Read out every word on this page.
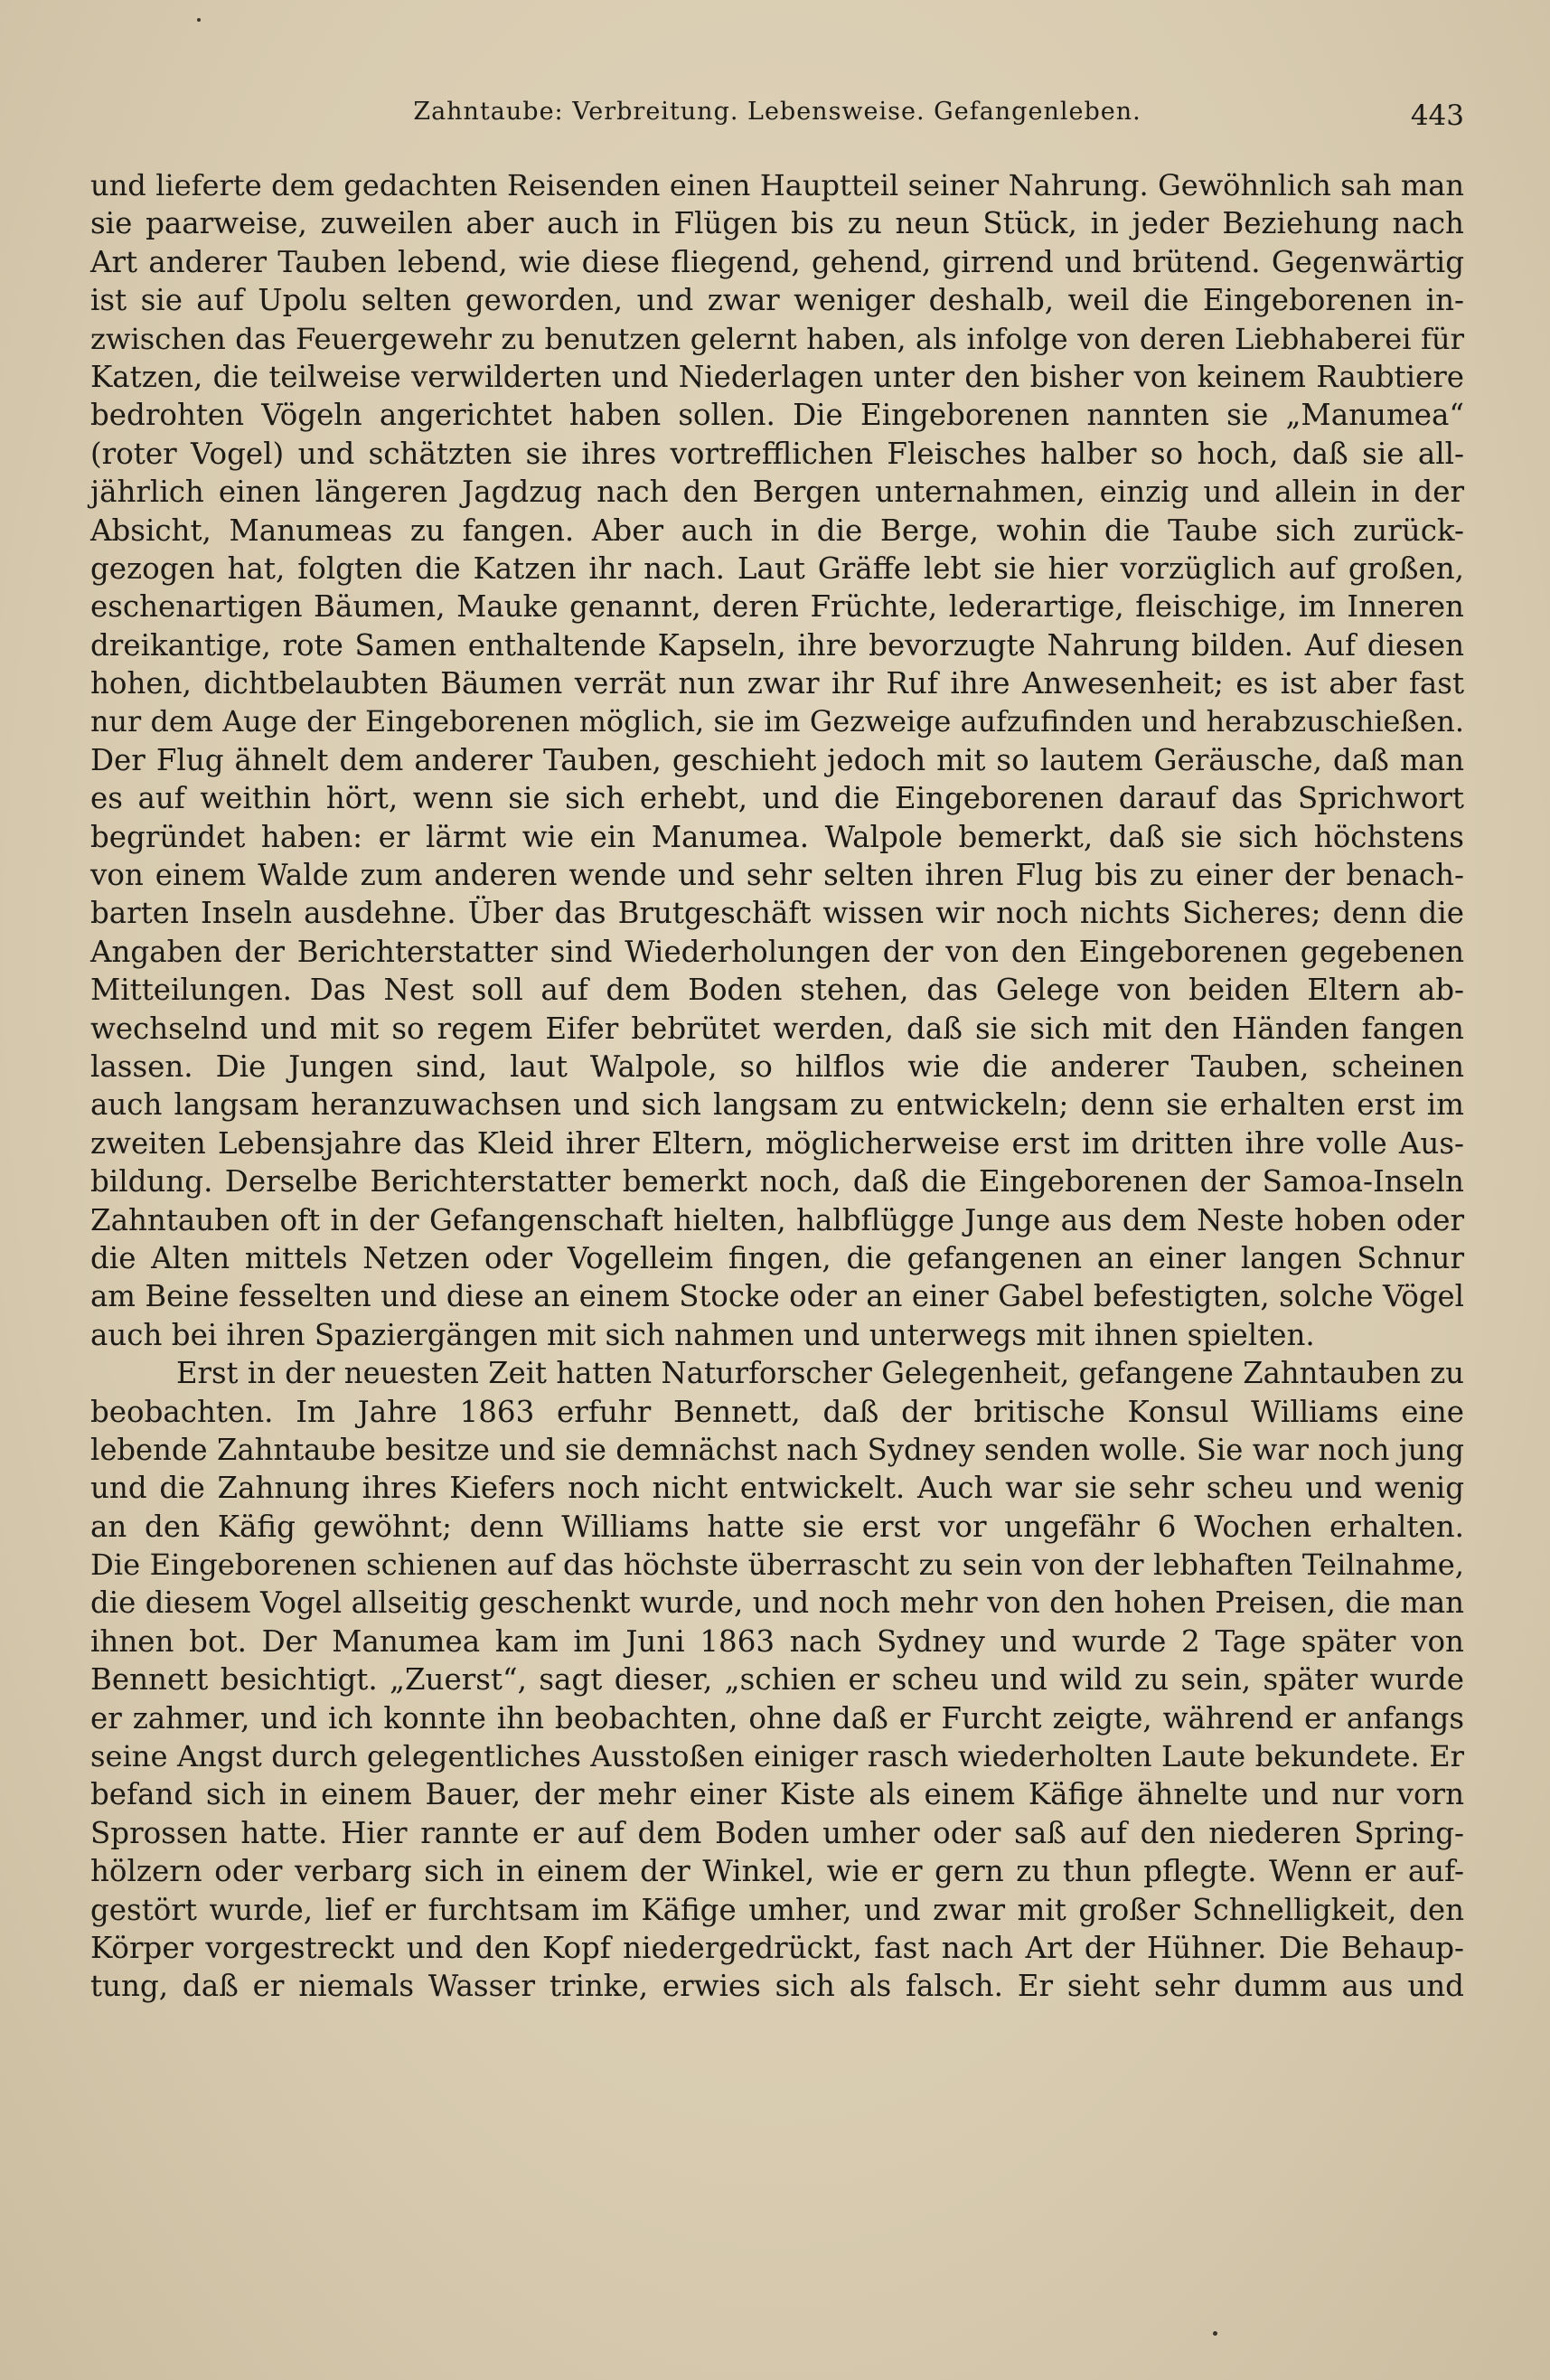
Zahntaube: Verbreitung. Lebensweise. Gefangenleben.	443
und lieferte dem gedachten Reisenden einen Hauptteil seiner Nahrung. Gewöhnlich sah man
sie paarweise, zuweilen aber auch in Flügen bis zu neun Stück, in jeder Beziehung nach
Art anderer Tauben lebend, wie diese fliegend, gehend, girrend und brütend. Gegenwärtig
ist sie auf Upolu selten geworden, und zwar weniger deshalb, weil die Eingeborenen in-
zwischen das Feuergewehr zu benutzen gelernt haben, als infolge von deren Liebhaberei für
Katzen, die teilweise verwilderten und Niederlagen unter den bisher von keinem Raubtiere
bedrohten Vögeln angerichtet haben sollen. Die Eingeborenen nannten sie „Manumea“
(roter Vogel) und schätzten sie ihres vortrefflichen Fleisches halber so hoch, daß sie all-
jährlich einen längeren Jagdzug nach den Bergen unternahmen, einzig und allein in der
Absicht, Manumeas zu fangen. Aber auch in die Berge, wohin die Taube sich zurück-
gezogen hat, folgten die Katzen ihr nach. Laut Gräffe lebt sie hier vorzüglich auf großen,
eschenartigen Bäumen, Mauke genannt, deren Früchte, lederartige, fleischige, im Inneren
dreikantige, rote Samen enthaltende Kapseln, ihre bevorzugte Nahrung bilden. Auf diesen
hohen, dichtbelaubten Bäumen verrät nun zwar ihr Ruf ihre Anwesenheit; es ist aber fast
nur dem Auge der Eingeborenen möglich, sie im Gezweige aufzufinden und herabzuschießen.
Der Flug ähnelt dem anderer Tauben, geschieht jedoch mit so lautem Geräusche, daß man
es auf weithin hört, wenn sie sich erhebt, und die Eingeborenen darauf das Sprichwort
begründet haben: er lärmt wie ein Manumea. Walpole bemerkt, daß sie sich höchstens
von einem Walde zum anderen wende und sehr selten ihren Flug bis zu einer der benach-
barten Inseln ausdehne. Über das Brutgeschäft wissen wir noch nichts Sicheres; denn die
Angaben der Berichterstatter sind Wiederholungen der von den Eingeborenen gegebenen
Mitteilungen. Das Nest soll auf dem Boden stehen, das Gelege von beiden Eltern ab-
wechselnd und mit so regem Eifer bebrütet werden, daß sie sich mit den Händen fangen
lassen. Die Jungen sind, laut Walpole, so hilflos wie die anderer Tauben, scheinen
auch langsam heranzuwachsen und sich langsam zu entwickeln; denn sie erhalten erst im
zweiten Lebensjahre das Kleid ihrer Eltern, möglicherweise erst im dritten ihre volle Aus-
bildung. Derselbe Berichterstatter bemerkt noch, daß die Eingeborenen der Samoa-Inseln
Zahntauben oft in der Gefangenschaft hielten, halbflügge Junge aus dem Neste hoben oder
die Alten mittels Netzen oder Vogelleim fingen, die gefangenen an einer langen Schnur
am Beine fesselten und diese an einem Stocke oder an einer Gabel befestigten, solche Vögel
auch bei ihren Spaziergängen mit sich nahmen und unterwegs mit ihnen spielten.
Erst in der neuesten Zeit hatten Naturforscher Gelegenheit, gefangene Zahntauben zu
beobachten. Im Jahre 1863 erfuhr Bennett, daß der britische Konsul Williams eine
lebende Zahntaube besitze und sie demnächst nach Sydney senden wolle. Sie war noch jung
und die Zahnung ihres Kiefers noch nicht entwickelt. Auch war sie sehr scheu und wenig
an den Käfig gewöhnt; denn Williams hatte sie erst vor ungefähr 6 Wochen erhalten.
Die Eingeborenen schienen auf das höchste überrascht zu sein von der lebhaften Teilnahme,
die diesem Vogel allseitig geschenkt wurde, und noch mehr von den hohen Preisen, die man
ihnen bot. Der Manumea kam im Juni 1863 nach Sydney und wurde 2 Tage später von
Bennett besichtigt. „Zuerst“, sagt dieser, „schien er scheu und wild zu sein, später wurde
er zahmer, und ich konnte ihn beobachten, ohne daß er Furcht zeigte, während er anfangs
seine Angst durch gelegentliches Ausstoßen einiger rasch wiederholten Laute bekundete. Er
befand sich in einem Bauer, der mehr einer Kiste als einem Käfige ähnelte und nur vorn
Sprossen hatte. Hier rannte er auf dem Boden umher oder saß auf den niederen Spring-
hölzern oder verbarg sich in einem der Winkel, wie er gern zu thun pflegte. Wenn er auf-
gestört wurde, lief er furchtsam im Käfige umher, und zwar mit großer Schnelligkeit, den
Körper vorgestreckt und den Kopf niedergedrückt, fast nach Art der Hühner. Die Behaup-
tung, daß er niemals Wasser trinke, erwies sich als falsch. Er sieht sehr dumm aus und
